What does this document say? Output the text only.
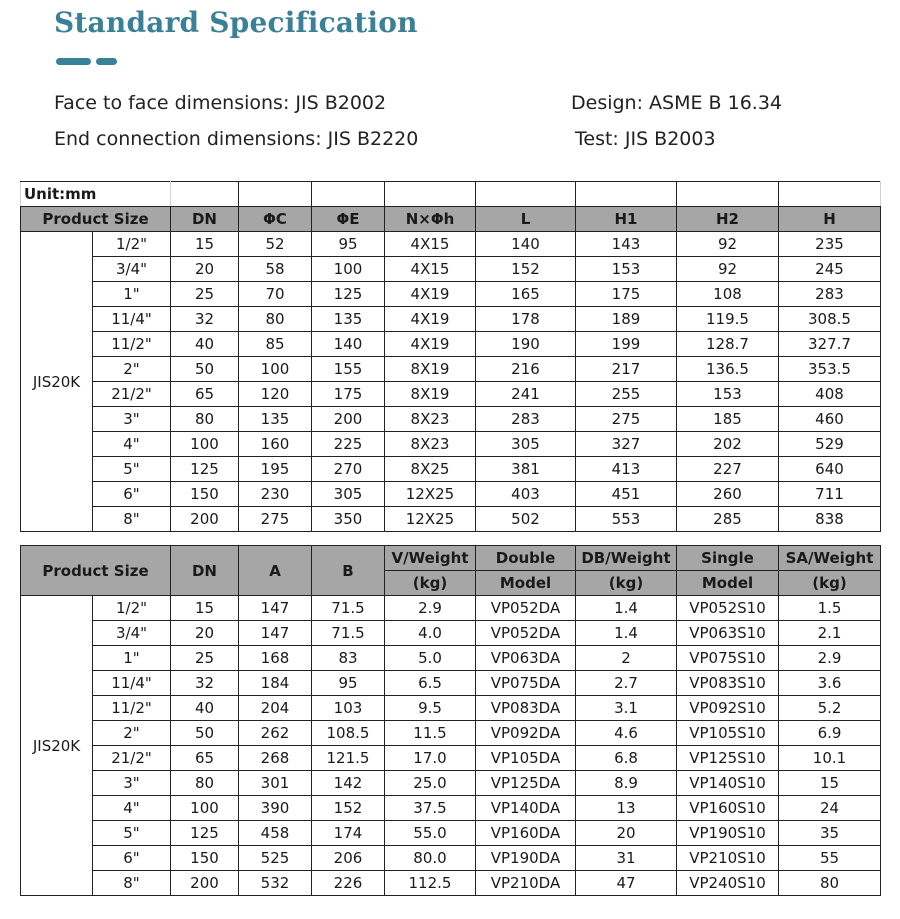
Standard Specification
Face to face dimensions: JIS B2002
End connection dimensions: JIS B2220
Design: ASME B 16.34
Test: JIS B2003
Unit:mm									
Product Size		DN	ΦC	ΦE	N×Φh	L	H1	H2	H
JIS20K	1/2"	15	52	95	4X15	140	143	92	235
	3/4"	20	58	100	4X15	152	153	92	245
	1"	25	70	125	4X19	165	175	108	283
	11/4"	32	80	135	4X19	178	189	119.5	308.5
	11/2"	40	85	140	4X19	190	199	128.7	327.7
	2"	50	100	155	8X19	216	217	136.5	353.5
	21/2"	65	120	175	8X19	241	255	153	408
	3"	80	135	200	8X23	283	275	185	460
	4"	100	160	225	8X23	305	327	202	529
	5"	125	195	270	8X25	381	413	227	640
	6"	150	230	305	12X25	403	451	260	711
	8"	200	275	350	12X25	502	553	285	838
Product Size		DN	A	B	V/Weight	Double	DB/Weight	Single	SA/Weight
					(kg)	Model	(kg)	Model	(kg)
JIS20K	1/2"	15	147	71.5	2.9	VP052DA	1.4	VP052S10	1.5
	3/4"	20	147	71.5	4.0	VP052DA	1.4	VP063S10	2.1
	1"	25	168	83	5.0	VP063DA	2	VP075S10	2.9
	11/4"	32	184	95	6.5	VP075DA	2.7	VP083S10	3.6
	11/2"	40	204	103	9.5	VP083DA	3.1	VP092S10	5.2
	2"	50	262	108.5	11.5	VP092DA	4.6	VP105S10	6.9
	21/2"	65	268	121.5	17.0	VP105DA	6.8	VP125S10	10.1
	3"	80	301	142	25.0	VP125DA	8.9	VP140S10	15
	4"	100	390	152	37.5	VP140DA	13	VP160S10	24
	5"	125	458	174	55.0	VP160DA	20	VP190S10	35
	6"	150	525	206	80.0	VP190DA	31	VP210S10	55
	8"	200	532	226	112.5	VP210DA	47	VP240S10	80
